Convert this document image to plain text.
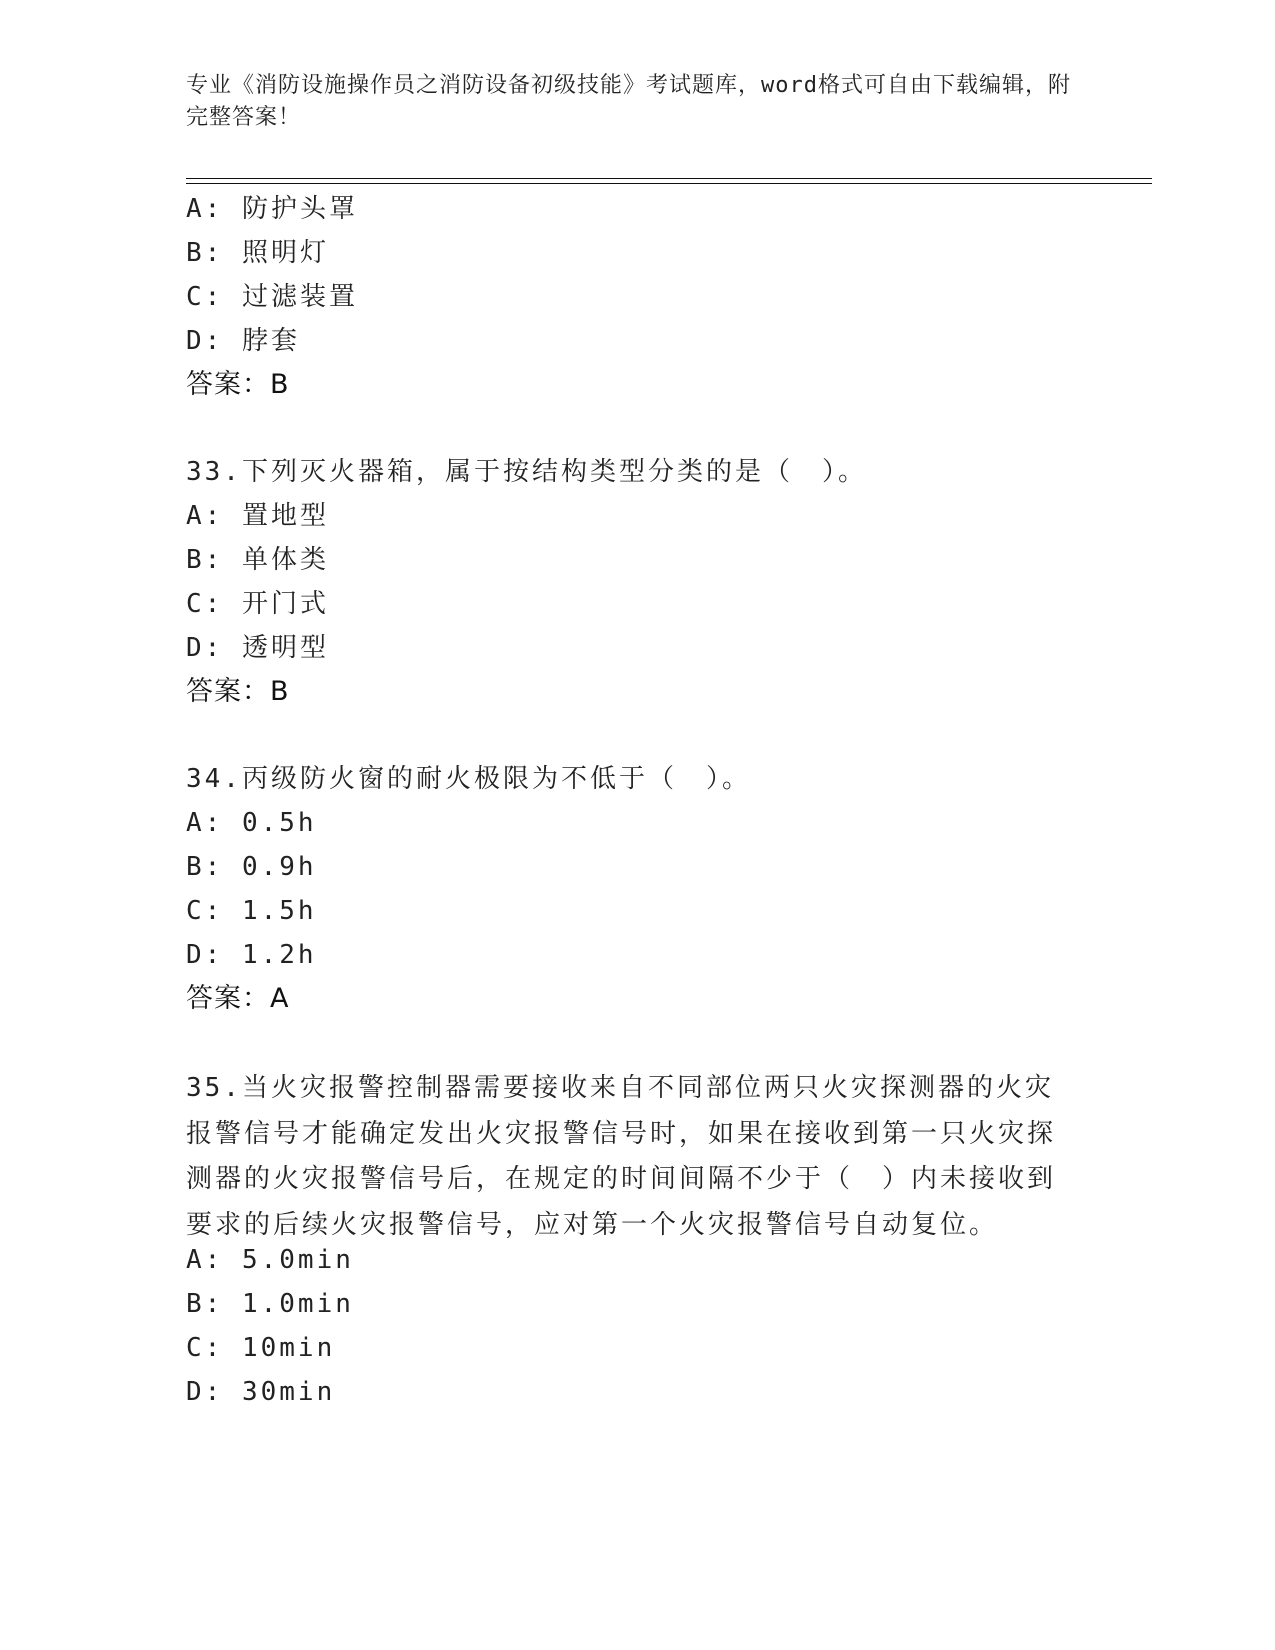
专业《消防设施操作员之消防设备初级技能》考试题库，word格式可自由下载编辑，附完整答案！
A: 防护头罩
B: 照明灯
C: 过滤装置
D: 脖套
答案：B
33.下列灭火器箱，属于按结构类型分类的是（　）。
A: 置地型
B: 单体类
C: 开门式
D: 透明型
答案：B
34.丙级防火窗的耐火极限为不低于（　）。
A: 0.5h
B: 0.9h
C: 1.5h
D: 1.2h
答案：A
35.当火灾报警控制器需要接收来自不同部位两只火灾探测器的火灾报警信号才能确定发出火灾报警信号时，如果在接收到第一只火灾探测器的火灾报警信号后，在规定的时间间隔不少于（　）内未接收到要求的后续火灾报警信号，应对第一个火灾报警信号自动复位。
A: 5.0min
B: 1.0min
C: 10min
D: 30min
